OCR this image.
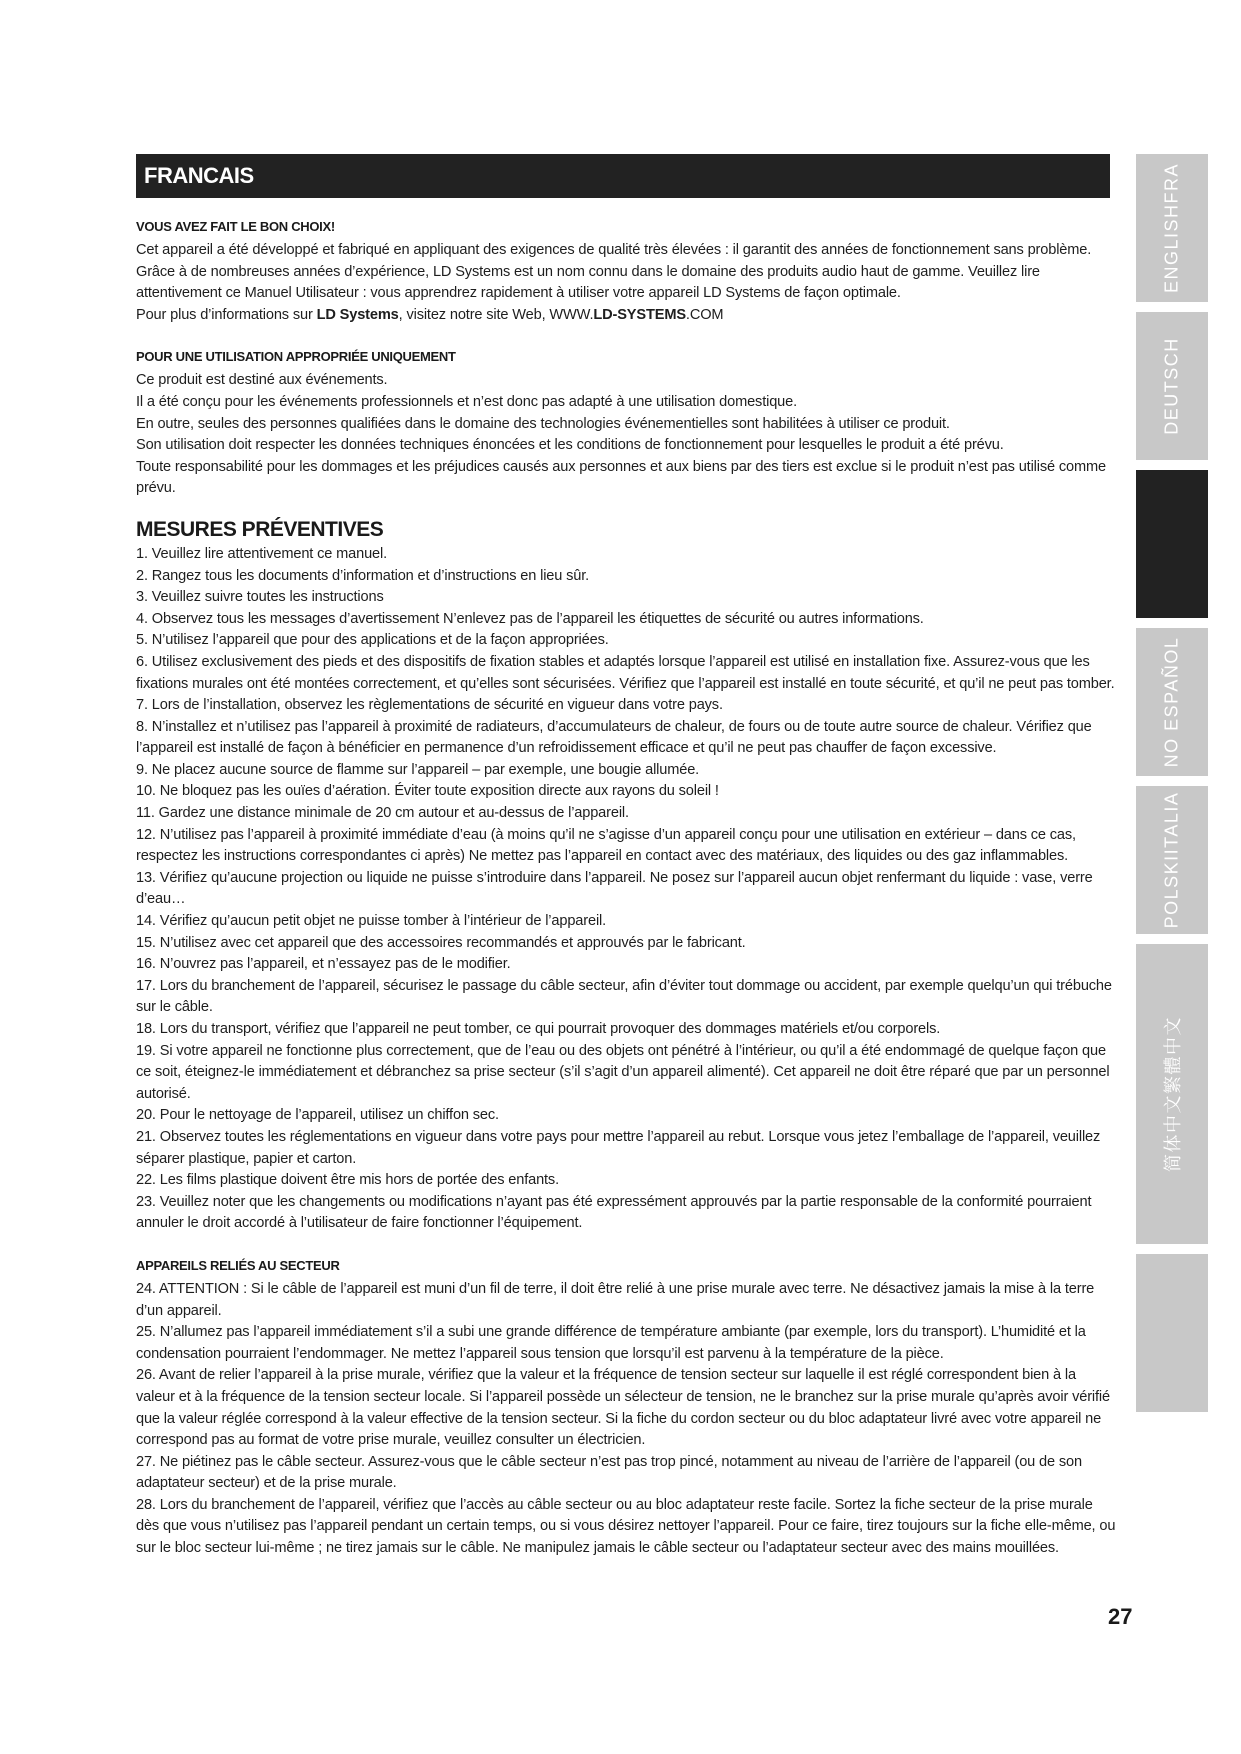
FRANCAIS	ENGLISHFRA
DEUTSCH
NO ESPAÑOL
POLSKIITALIA
简体中文繁體中文
VOUS AVEZ FAIT LE BON CHOIX!

Cet appareil a été développé et fabriqué en appliquant des exigences de qualité très élevées : il garantit des années de fonctionnement sans problème. Grâce à de nombreuses années d’expérience, LD Systems est un nom connu dans le domaine des produits audio haut de gamme. Veuillez lire attentivement ce Manuel Utilisateur : vous apprendrez rapidement à utiliser votre appareil LD Systems de façon optimale.

Pour plus d’informations sur LD Systems, visitez notre site Web, WWW.LD-SYSTEMS.COM

POUR UNE UTILISATION APPROPRIÉE UNIQUEMENT

Ce produit est destiné aux événements.

Il a été conçu pour les événements professionnels et n’est donc pas adapté à une utilisation domestique.

En outre, seules des personnes qualifiées dans le domaine des technologies événementielles sont habilitées à utiliser ce produit.

Son utilisation doit respecter les données techniques énoncées et les conditions de fonctionnement pour lesquelles le produit a été prévu.

Toute responsabilité pour les dommages et les préjudices causés aux personnes et aux biens par des tiers est exclue si le produit n’est pas utilisé comme prévu.

MESURES PRÉVENTIVES

1. Veuillez lire attentivement ce manuel.

2. Rangez tous les documents d’information et d’instructions en lieu sûr.

3. Veuillez suivre toutes les instructions

4. Observez tous les messages d’avertissement N’enlevez pas de l’appareil les étiquettes de sécurité ou autres informations.

5. N’utilisez l’appareil que pour des applications et de la façon appropriées.

6. Utilisez exclusivement des pieds et des dispositifs de fixation stables et adaptés lorsque l’appareil est utilisé en installation fixe. Assurez-vous que les fixations murales ont été montées correctement, et qu’elles sont sécurisées. Vérifiez que l’appareil est installé en toute sécurité, et qu’il ne peut pas tomber.

7. Lors de l’installation, observez les règlementations de sécurité en vigueur dans votre pays.

8. N’installez et n’utilisez pas l’appareil à proximité de radiateurs, d’accumulateurs de chaleur, de fours ou de toute autre source de chaleur. Vérifiez que l’appareil est installé de façon à bénéficier en permanence d’un refroidissement efficace et qu’il ne peut pas chauffer de façon excessive.

9. Ne placez aucune source de flamme sur l’appareil – par exemple, une bougie allumée.

10. Ne bloquez pas les ouïes d’aération. Éviter toute exposition directe aux rayons du soleil !

11. Gardez une distance minimale de 20 cm autour et au-dessus de l’appareil.

12. N’utilisez pas l’appareil à proximité immédiate d’eau (à moins qu’il ne s’agisse d’un appareil conçu pour une utilisation en extérieur – dans ce cas, respectez les instructions correspondantes ci après) Ne mettez pas l’appareil en contact avec des matériaux, des liquides ou des gaz inflammables.

13. Vérifiez qu’aucune projection ou liquide ne puisse s’introduire dans l’appareil. Ne posez sur l’appareil aucun objet renfermant du liquide : vase, verre d’eau…

14. Vérifiez qu’aucun petit objet ne puisse tomber à l’intérieur de l’appareil.

15. N’utilisez avec cet appareil que des accessoires recommandés et approuvés par le fabricant.

16. N’ouvrez pas l’appareil, et n’essayez pas de le modifier.

17. Lors du branchement de l’appareil, sécurisez le passage du câble secteur, afin d’éviter tout dommage ou accident, par exemple quelqu’un qui trébuche sur le câble.

18. Lors du transport, vérifiez que l’appareil ne peut tomber, ce qui pourrait provoquer des dommages matériels et/ou corporels.

19. Si votre appareil ne fonctionne plus correctement, que de l’eau ou des objets ont pénétré à l’intérieur, ou qu’il a été endommagé de quelque façon que ce soit, éteignez-le immédiatement et débranchez sa prise secteur (s’il s’agit d’un appareil alimenté). Cet appareil ne doit être réparé que par un personnel autorisé.

20. Pour le nettoyage de l’appareil, utilisez un chiffon sec.

21. Observez toutes les réglementations en vigueur dans votre pays pour mettre l’appareil au rebut. Lorsque vous jetez l’emballage de l’appareil, veuillez séparer plastique, papier et carton.

22. Les films plastique doivent être mis hors de portée des enfants.

23. Veuillez noter que les changements ou modifications n’ayant pas été expressément approuvés par la partie responsable de la conformité pourraient annuler le droit accordé à l’utilisateur de faire fonctionner l’équipement.

APPAREILS RELIÉS AU SECTEUR

24. ATTENTION : Si le câble de l’appareil est muni d’un fil de terre, il doit être relié à une prise murale avec terre. Ne désactivez jamais la mise à la terre d’un appareil.

25. N’allumez pas l’appareil immédiatement s’il a subi une grande différence de température ambiante (par exemple, lors du transport). L’humidité et la condensation pourraient l’endommager. Ne mettez l’appareil sous tension que lorsqu’il est parvenu à la température de la pièce.

26. Avant de relier l’appareil à la prise murale, vérifiez que la valeur et la fréquence de tension secteur sur laquelle il est réglé correspondent bien à la valeur et à la fréquence de la tension secteur locale. Si l’appareil possède un sélecteur de tension, ne le branchez sur la prise murale qu’après avoir vérifié que la valeur réglée correspond à la valeur effective de la tension secteur. Si la fiche du cordon secteur ou du bloc adaptateur livré avec votre appareil ne correspond pas au format de votre prise murale, veuillez consulter un électricien.

27. Ne piétinez pas le câble secteur. Assurez-vous que le câble secteur n’est pas trop pincé, notamment au niveau de l’arrière de l’appareil (ou de son adaptateur secteur) et de la prise murale.

28. Lors du branchement de l’appareil, vérifiez que l’accès au câble secteur ou au bloc adaptateur reste facile. Sortez la fiche secteur de la prise murale dès que vous n’utilisez pas l’appareil pendant un certain temps, ou si vous désirez nettoyer l’appareil. Pour ce faire, tirez toujours sur la fiche elle-même, ou sur le bloc secteur lui-même ; ne tirez jamais sur le câble. Ne manipulez jamais le câble secteur ou l’adaptateur secteur avec des mains mouillées.

27
